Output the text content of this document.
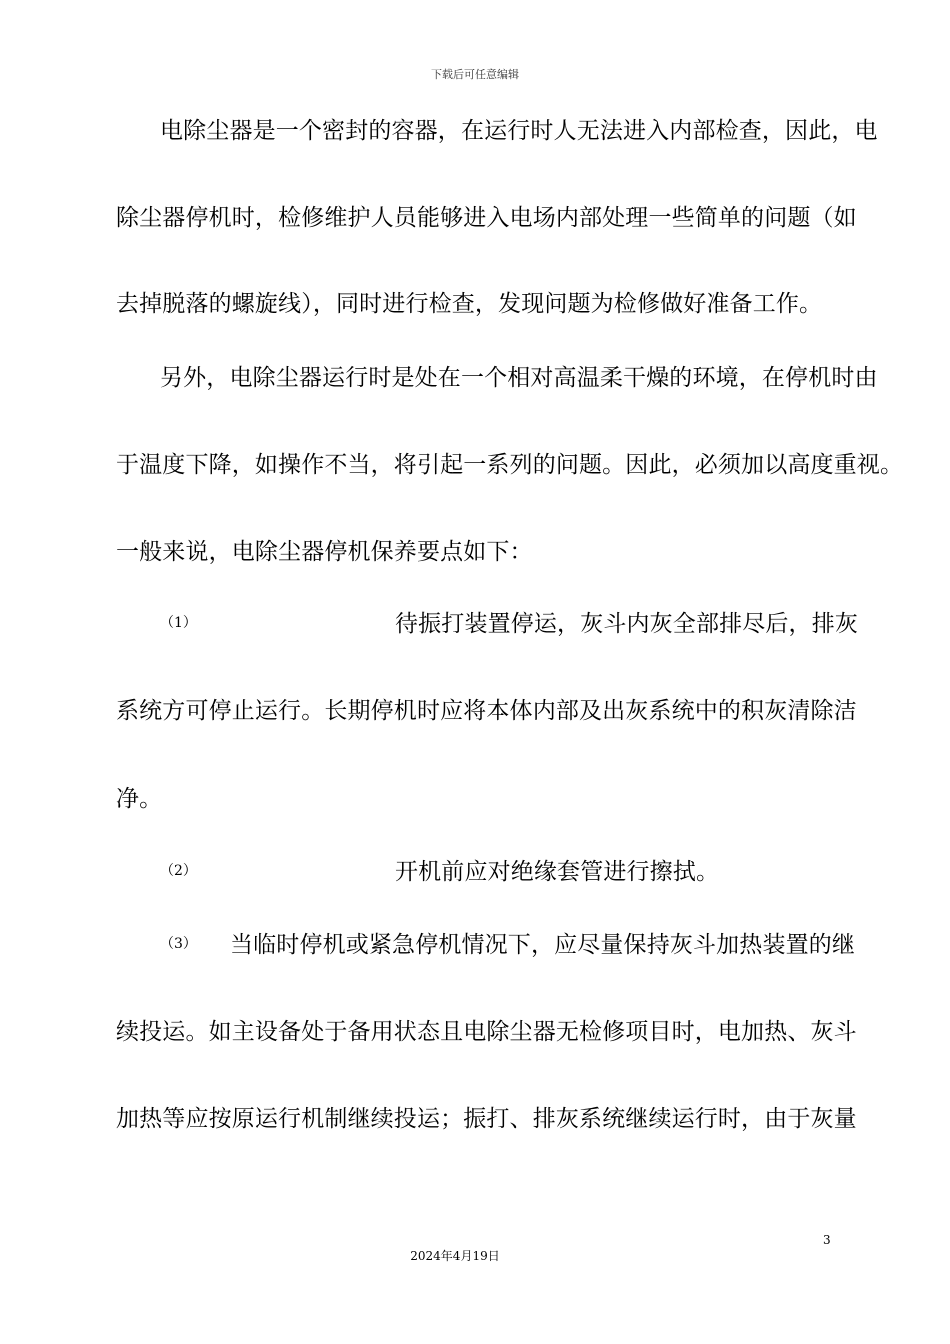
下载后可任意编辑
电除尘器是一个密封的容器，在运行时人无法进入内部检查，因此，电
除尘器停机时，检修维护人员能够进入电场内部处理一些简单的问题（如
去掉脱落的螺旋线），同时进行检查，发现问题为检修做好准备工作。
另外，电除尘器运行时是处在一个相对高温柔干燥的环境，在停机时由
于温度下降，如操作不当，将引起一系列的问题。因此，必须加以高度重视。
一般来说，电除尘器停机保养要点如下：
（1）	待振打装置停运，灰斗内灰全部排尽后，排灰
系统方可停止运行。长期停机时应将本体内部及出灰系统中的积灰清除洁
净。
（2）	开机前应对绝缘套管进行擦拭。
（3） 当临时停机或紧急停机情况下，应尽量保持灰斗加热装置的继
续投运。如主设备处于备用状态且电除尘器无检修项目时，电加热、灰斗
加热等应按原运行机制继续投运；振打、排灰系统继续运行时，由于灰量
3
2024年4月19日
